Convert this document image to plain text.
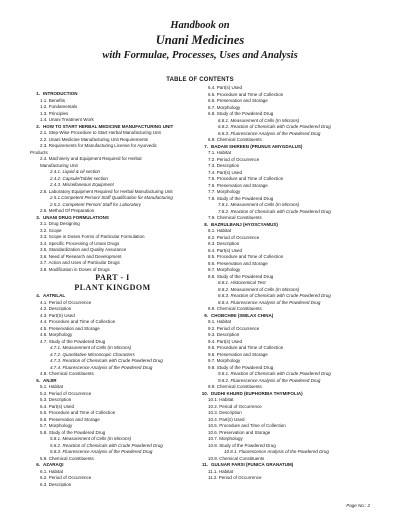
Handbook on
Unani Medicines
with Formulae, Processes, Uses and Analysis
TABLE OF CONTENTS
1. INTRODUCTION
1.1. Benefits
1.2. Fundamentals
1.3. Principles
1.4. Unani Treatment Work
2. HOW TO START HERBAL MEDICINE MANUFACTURING UNIT
2.1. Step-Wise Procedure to Start Herbal Manufacturing Unit
2.2. Unani Medicine Manufacturing Unit Requirements
2.3. Requirements for Manufacturing License for Ayurvedic
Products
2.4. Machinery and Equipment Required for Herbal
Manufacturing Unit
2.4.1. Liquid & oil section
2.4.2. Capsule/Tablet section
2.4.3. Miscellaneous Equipment
2.5. Laboratory Equipment Required for Herbal Manufacturing Unit
2.5.1.Competent Person/ Staff Qualification for Manufacturing
2.5.2. Competent Person/ Staff for Laboratory
2.6. Method Of Preparation
3. UNANI DRUG FORMULATIONS
3.1. Drug Designing
3.2. Scope
3.3. Scope in Doses Forms of Particular Formulation
3.4. Specific Processing of Unani Drugs
3.5. Standardization and Quality Assurance
3.6. Need of Research and Development
3.7. Action and Uses of Particular Drugs
3.8. Modification in Doses of Drugs
PART - I
PLANT KINGDOM
4. AATRILAL
4.1. Period of Occurrence
4.2. Description
4.3. Part(S) Used
4.4. Procedure and Time of Collection
4.5. Preservation and Storage
4.6. Morphology
4.7. Study of the Powdered Drug
4.7.1. Measurement of Cells (In Microns)
4.7.2. Quantitative Microscopic Characters
4.7.3. Reaction of Chemicals with Crude Powdered Drug
4.7.4. Fluorescence Analysis of the Powdered Drug
4.8. Chemical Constituents
5. ANJIR
5.1. Habitat
5.2. Period of Occurrence
5.3. Description
5.4. Part(s) Used
5.5. Procedure and Time of Collection
5.6. Preservation and Storage
5.7. Morphology
5.8. Study of the Powdered Drug
5.8.1. Measurement of Cells (In Microns)
5.8.2. Reaction of Chemicals with Crude Powdered Drug
5.8.3. Fluorescence Analysis of the Powdered Drug
5.9. Chemical Constituents
6. AZARAQI
6.1. Habitat
6.2. Period of Occurrence
6.3. Description
6.4. Part(s) Used
6.5. Procedure and Time of Collection
6.6. Preservation and Storage
6.7. Morphology
6.8. Study of the Powdered Drug
6.8.1. Measurement of Cells (In Microns)
6.8.2. Reaction of Chemicals with Crude Powdered Drug
6.8.3. Fluorescence Analysis of the Powdered Drug
6.9. Chemical Constituents
7. BADAM SHIREEN (PRUNUS AMYGDALUS)
7.1. Habitat
7.2. Period of Occurrence
7.3. Description
7.4. Part(s) Used
7.5. Procedure and Time of Collection
7.6. Preservation and Storage
7.7. Morphology
7.8. Study of the Powdered Drug
7.8.1. Measurement of Cells (In Microns)
7.8.2. Reaction of Chemicals with Crude Powdered Drug
7.9. Chemical Constituents
8. BAZRULBANJ (HYOSCYAMUS)
8.1. Habitat
8.2. Period of Occurrence
8.3. Description
8.4. Part(s) Used
8.5. Procedure and Time of Collection
8.6. Preservation and Storage
8.7. Morphology
8.8. Study of the Powdered Drug
8.8.1. Histocemical Test
8.8.2. Measurement of Cells (In Microns)
8.8.3. Reaction of Chemicals with Crude Powdered Drug
8.8.4. Fluorescence Analysis of the Powdered Drug
8.9. Chemical Constituents
9. CHOBCHINI (SMILAX CHINA)
9.1. Habitat
9.2. Period of Occurrence
9.3. Description
9.4. Part(s) Used
9.5. Procedure and Time of Collection
9.6. Preservation and Storage
9.7. Morphology
9.8. Study of the Powdered Drug
9.8.1. Reaction of Chemicals with Crude Powdered Drug
9.8.2. Fluorescence Analysis of the Powdered Drug
9.9. Chemical Constituents
10. DUDHI KHURD (EUPHORBIA THYMIFOLIA)
10.1. Habitat
10.2. Period of Occurrence
10.3. Description
10.4. Part(s) Used
10.5. Procedure and Time of Collection
10.6. Preservation and Storage
10.7. Morphology
10.8. Study of the Powdered Drug
10.8.1. Fluorescence Analysis of the Powdered Drug
10.9. Chemical Constituents
11. GULNAR FARSI (PUNICA GRANATUM)
11.1. Habitat
11.2. Period of Occurrence
Page No.: 2
